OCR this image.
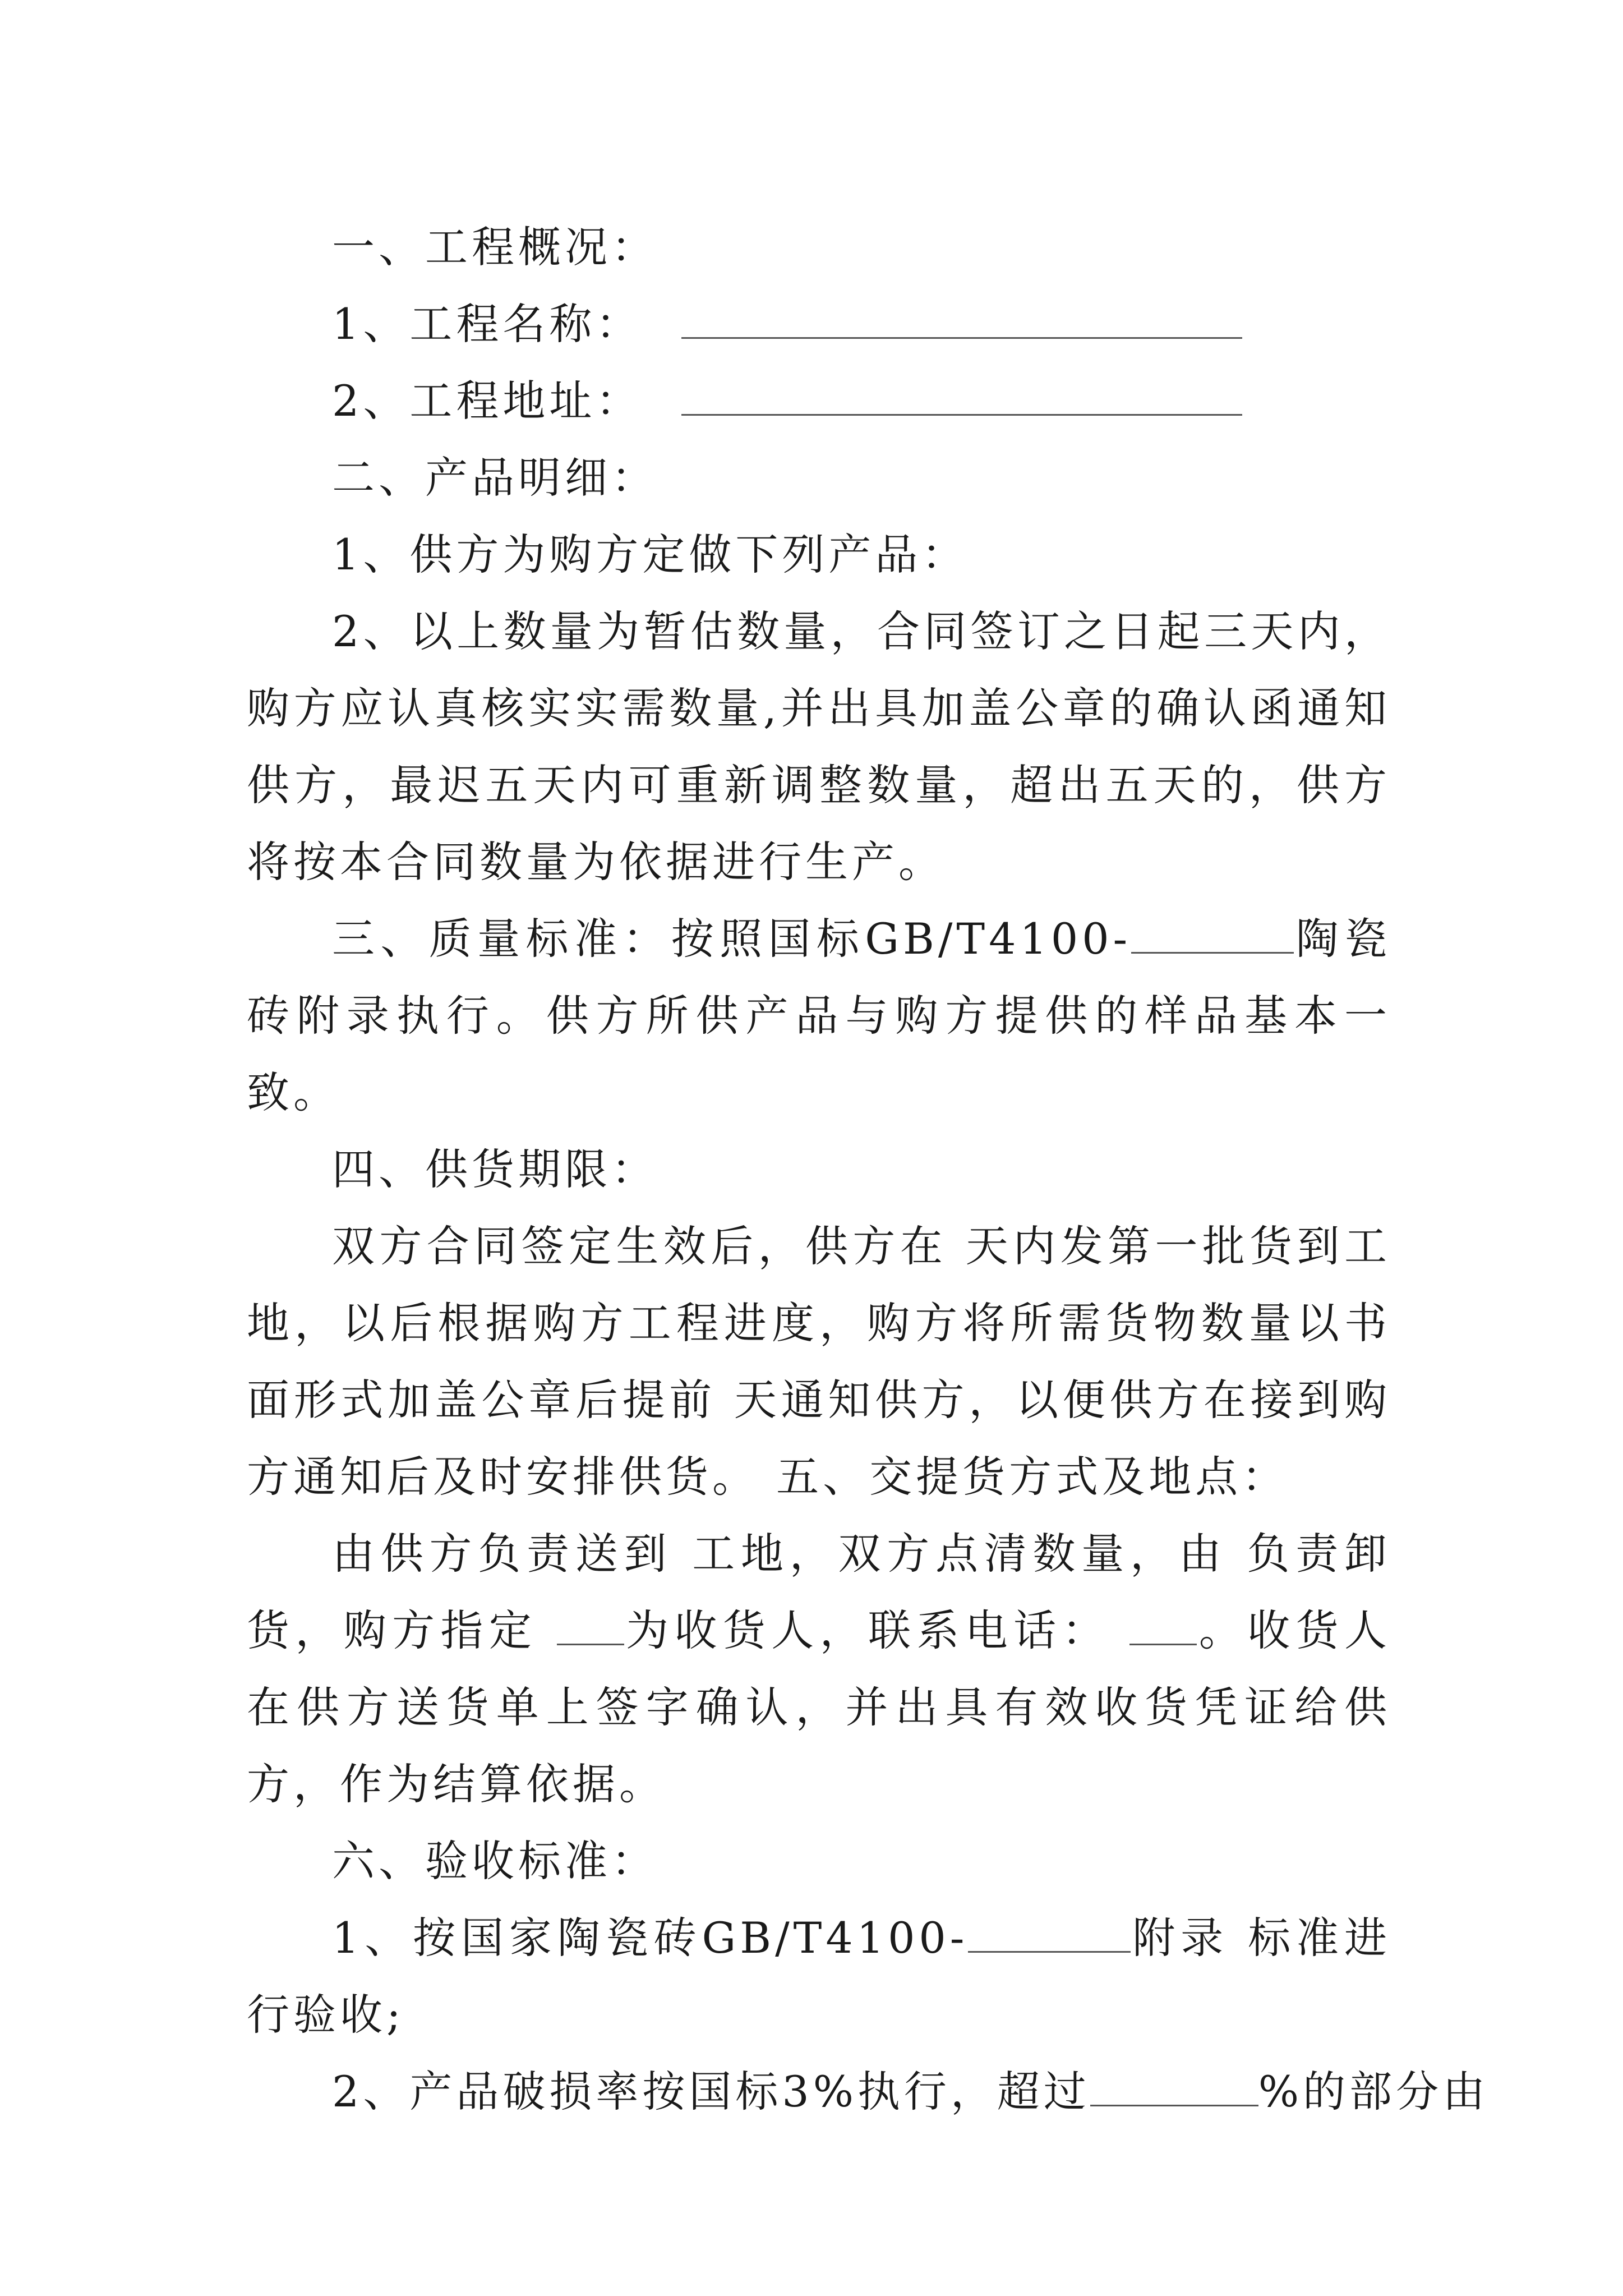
一、工程概况：

1、工程名称：
2、工程地址：

二、产品明细：

1、供方为购方定做下列产品：

2、以上数量为暂估数量，合同签订之日起三天内，购方应认真核实实需数量,并出具加盖公章的确认函通知供方，最迟五天内可重新调整数量，超出五天的，供方将按本合同数量为依据进行生产。

三、质量标准：按照国标GB/T4100-	陶瓷砖附录执行。供方所供产品与购方提供的样品基本一致。

四、供货期限：

双方合同签定生效后，供方在 天内发第一批货到工地，以后根据购方工程进度，购方将所需货物数量以书面形式加盖公章后提前 天通知供方，以便供方在接到购方通知后及时安排供货。 五、交提货方式及地点：

由供方负责送到 工地，双方点清数量，由 负责卸货，购方指定 为收货人，联系电话： 。收货人在供方送货单上签字确认，并出具有效收货凭证给供方，作为结算依据。

六、验收标准：

1、按国家陶瓷砖GB/T4100-	附录 标准进行验收;

2、产品破损率按国标3%执行，超过	%的部分由
